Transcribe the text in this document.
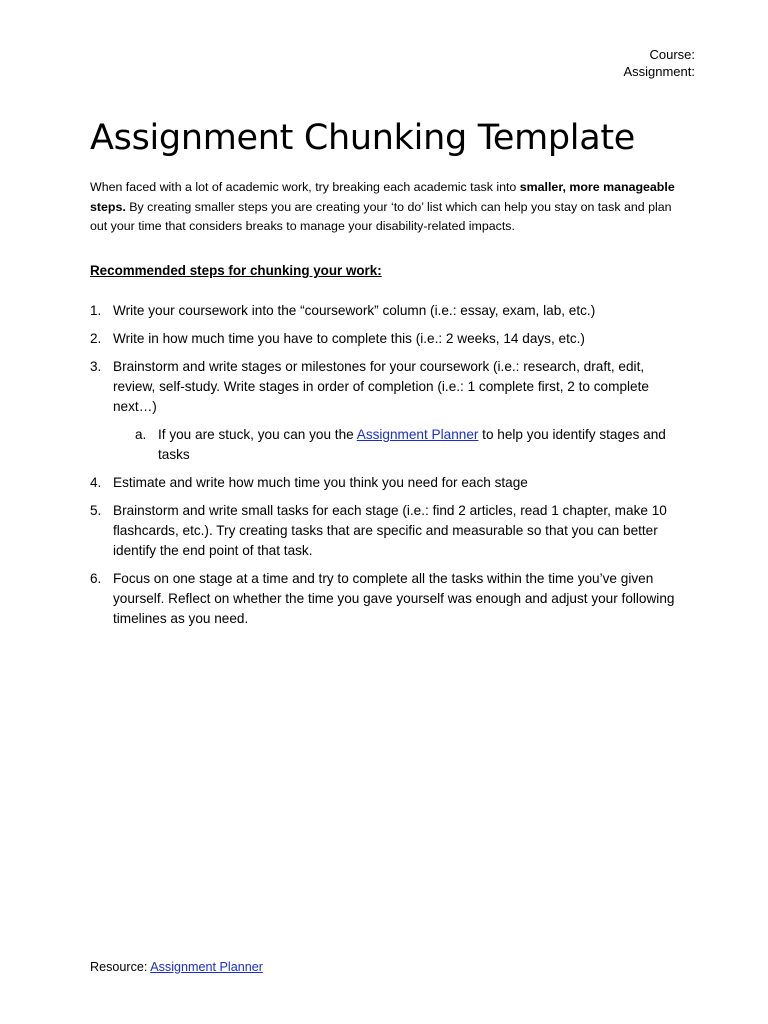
Course:
Assignment:
Assignment Chunking Template

When faced with a lot of academic work, try breaking each academic task into smaller, more manageable steps. By creating smaller steps you are creating your ‘to do’ list which can help you stay on task and plan out your time that considers breaks to manage your disability-related impacts.

Recommended steps for chunking your work:

1. Write your coursework into the “coursework” column (i.e.: essay, exam, lab, etc.)
2. Write in how much time you have to complete this (i.e.: 2 weeks, 14 days, etc.)
3. Brainstorm and write stages or milestones for your coursework (i.e.: research, draft, edit, review, self-study. Write stages in order of completion (i.e.: 1 complete first, 2 to complete next…)
a. If you are stuck, you can you the Assignment Planner to help you identify stages and tasks
4. Estimate and write how much time you think you need for each stage
5. Brainstorm and write small tasks for each stage (i.e.: find 2 articles, read 1 chapter, make 10 flashcards, etc.). Try creating tasks that are specific and measurable so that you can better identify the end point of that task.
6. Focus on one stage at a time and try to complete all the tasks within the time you’ve given yourself. Reflect on whether the time you gave yourself was enough and adjust your following timelines as you need.
Resource: Assignment Planner
